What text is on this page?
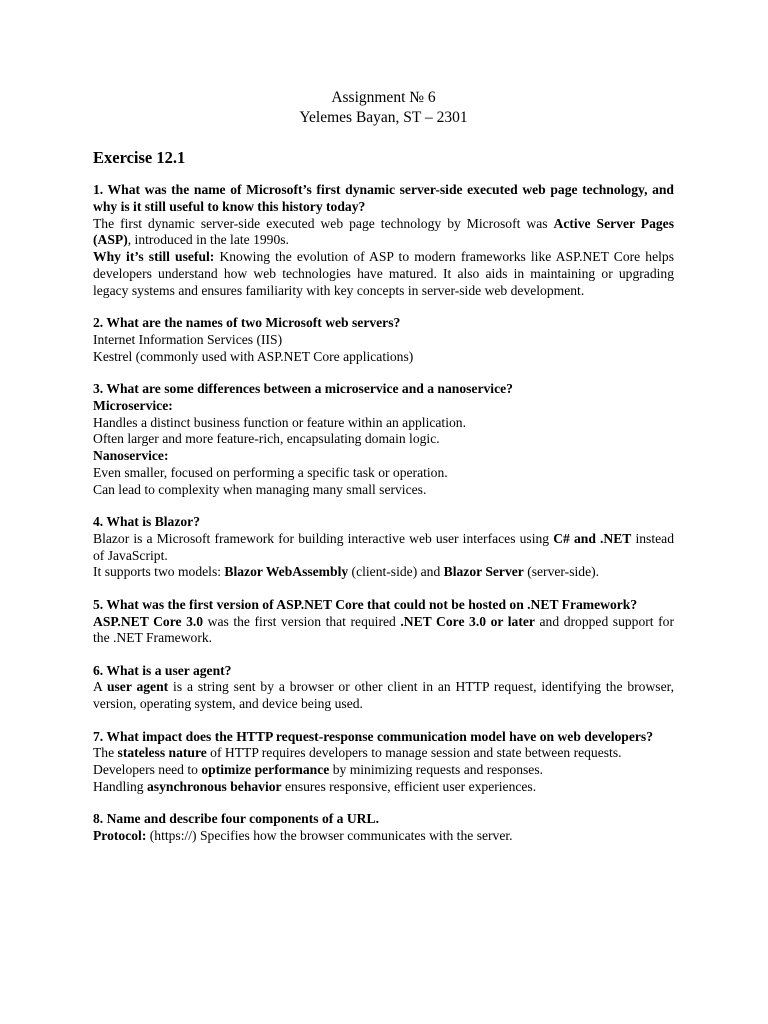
Assignment № 6
Yelemes Bayan, ST – 2301
Exercise 12.1
1. What was the name of Microsoft’s first dynamic server-side executed web page technology, and why is it still useful to know this history today?
The first dynamic server-side executed web page technology by Microsoft was Active Server Pages (ASP), introduced in the late 1990s.
Why it’s still useful: Knowing the evolution of ASP to modern frameworks like ASP.NET Core helps developers understand how web technologies have matured. It also aids in maintaining or upgrading legacy systems and ensures familiarity with key concepts in server-side web development.
2. What are the names of two Microsoft web servers?
Internet Information Services (IIS)
Kestrel (commonly used with ASP.NET Core applications)
3. What are some differences between a microservice and a nanoservice?
Microservice:
Handles a distinct business function or feature within an application.
Often larger and more feature-rich, encapsulating domain logic.
Nanoservice:
Even smaller, focused on performing a specific task or operation.
Can lead to complexity when managing many small services.
4. What is Blazor?
Blazor is a Microsoft framework for building interactive web user interfaces using C# and .NET instead of JavaScript.
It supports two models: Blazor WebAssembly (client-side) and Blazor Server (server-side).
5. What was the first version of ASP.NET Core that could not be hosted on .NET Framework?
ASP.NET Core 3.0 was the first version that required .NET Core 3.0 or later and dropped support for the .NET Framework.
6. What is a user agent?
A user agent is a string sent by a browser or other client in an HTTP request, identifying the browser, version, operating system, and device being used.
7. What impact does the HTTP request-response communication model have on web developers?
The stateless nature of HTTP requires developers to manage session and state between requests.
Developers need to optimize performance by minimizing requests and responses.
Handling asynchronous behavior ensures responsive, efficient user experiences.
8. Name and describe four components of a URL.
Protocol: (https://) Specifies how the browser communicates with the server.
